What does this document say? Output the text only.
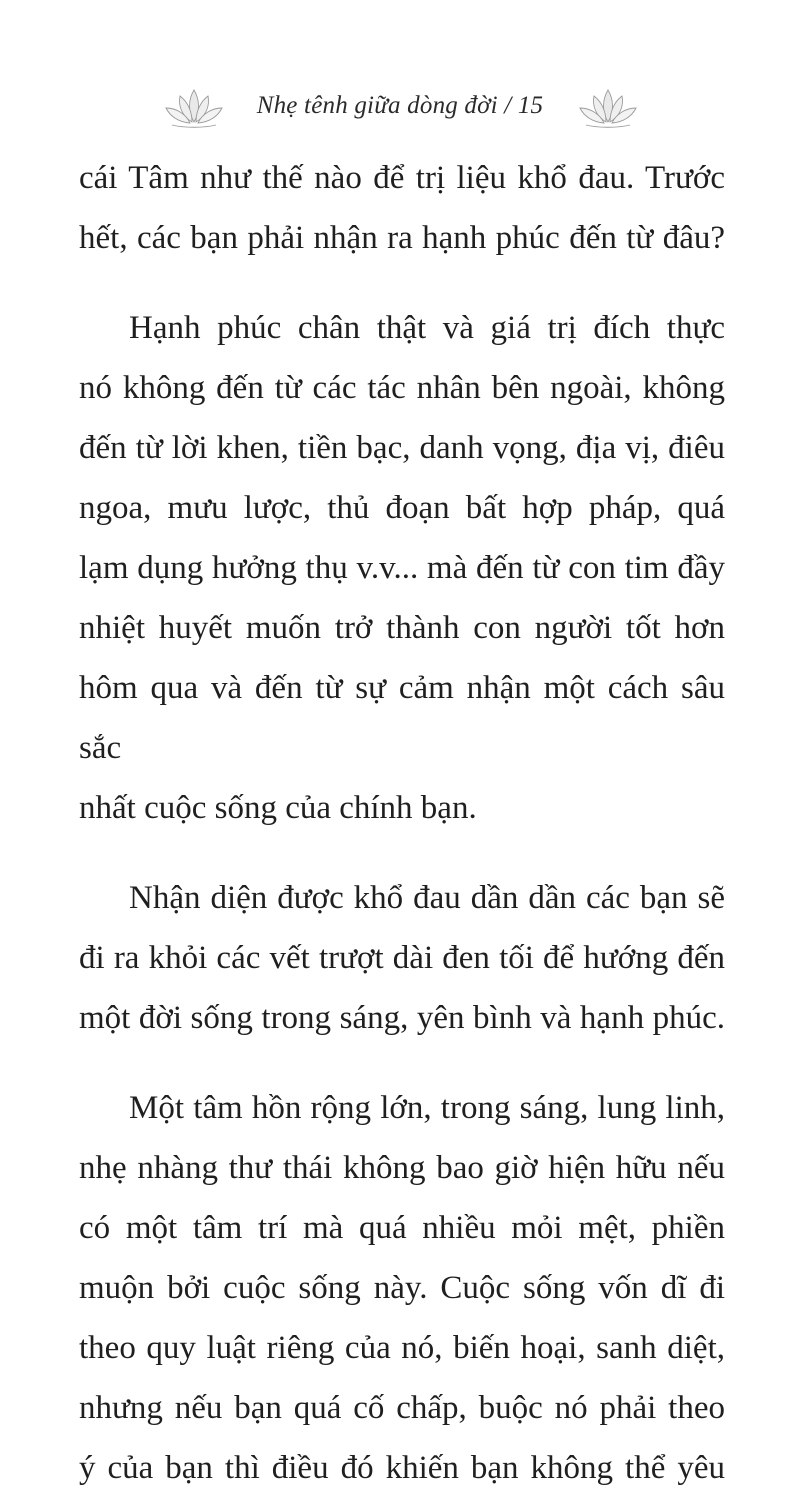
Nhẹ tênh giữa dòng đời / 15

cái Tâm như thế nào để trị liệu khổ đau. Trước

hết, các bạn phải nhận ra hạnh phúc đến từ đâu?

Hạnh phúc chân thật và giá trị đích thực

nó không đến từ các tác nhân bên ngoài, không

đến từ lời khen, tiền bạc, danh vọng, địa vị, điêu

ngoa, mưu lược, thủ đoạn bất hợp pháp, quá

lạm dụng hưởng thụ v.v... mà đến từ con tim đầy

nhiệt huyết muốn trở thành con người tốt hơn

hôm qua và đến từ sự cảm nhận một cách sâu sắc

nhất cuộc sống của chính bạn.

Nhận diện được khổ đau dần dần các bạn sẽ

đi ra khỏi các vết trượt dài đen tối để hướng đến

một đời sống trong sáng, yên bình và hạnh phúc.

Một tâm hồn rộng lớn, trong sáng, lung linh,

nhẹ nhàng thư thái không bao giờ hiện hữu nếu

có một tâm trí mà quá nhiều mỏi mệt, phiền

muộn bởi cuộc sống này. Cuộc sống vốn dĩ đi

theo quy luật riêng của nó, biến hoại, sanh diệt,

nhưng nếu bạn quá cố chấp, buộc nó phải theo

ý của bạn thì điều đó khiến bạn không thể yêu
